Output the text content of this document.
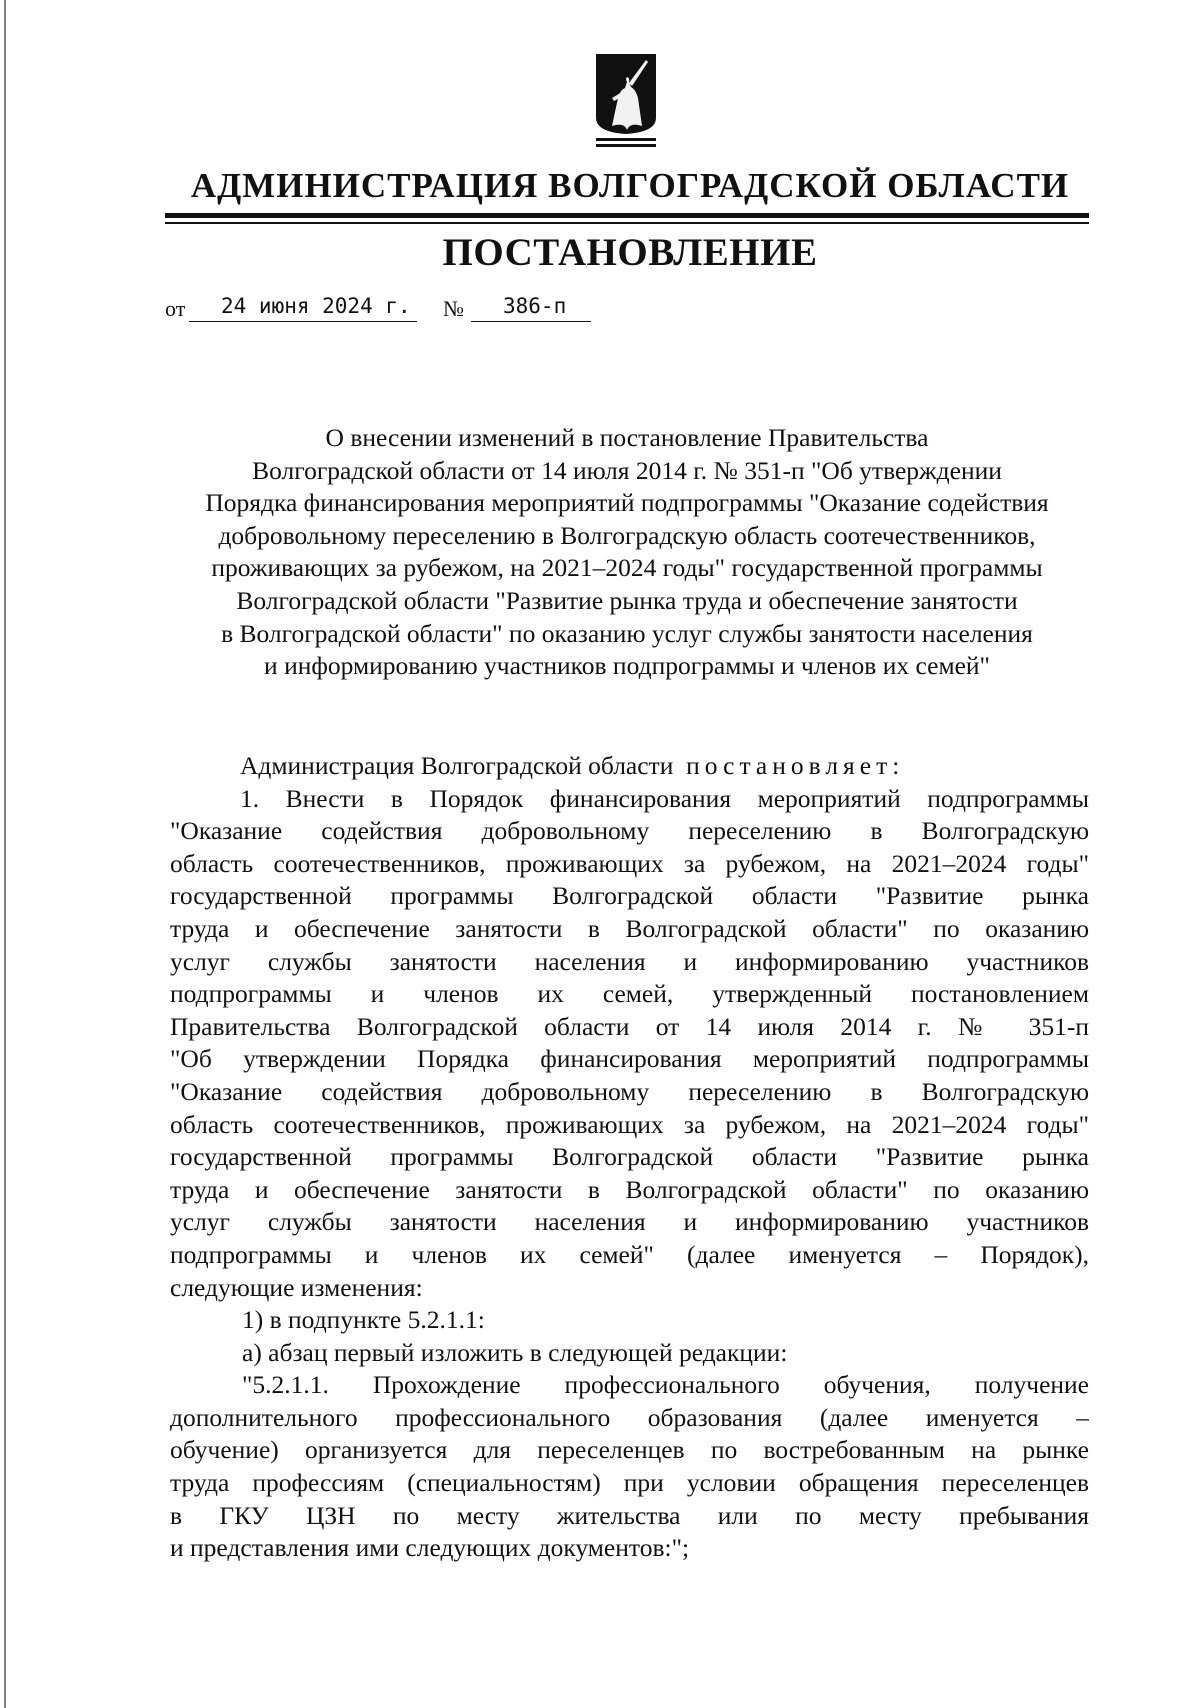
АДМИНИСТРАЦИЯ ВОЛГОГРАДСКОЙ ОБЛАСТИ
ПОСТАНОВЛЕНИЕ
от 24 июня 2024 г. № 386-п
О внесении изменений в постановление Правительства
Волгоградской области от 14 июля 2014 г. № 351-п "Об утверждении
Порядка финансирования мероприятий подпрограммы "Оказание содействия
добровольному переселению в Волгоградскую область соотечественников,
проживающих за рубежом, на 2021–2024 годы" государственной программы
Волгоградской области "Развитие рынка труда и обеспечение занятости
в Волгоградской области" по оказанию услуг службы занятости населения
и информированию участников подпрограммы и членов их семей"
Администрация Волгоградской области постановляет:
1. Внести в Порядок финансирования мероприятий подпрограммы
"Оказание содействия добровольному переселению в Волгоградскую
область соотечественников, проживающих за рубежом, на 2021–2024 годы"
государственной программы Волгоградской области "Развитие рынка
труда и обеспечение занятости в Волгоградской области" по оказанию
услуг службы занятости населения и информированию участников
подпрограммы и членов их семей, утвержденный постановлением
Правительства Волгоградской области от 14 июля 2014 г. № 351-п
"Об утверждении Порядка финансирования мероприятий подпрограммы
"Оказание содействия добровольному переселению в Волгоградскую
область соотечественников, проживающих за рубежом, на 2021–2024 годы"
государственной программы Волгоградской области "Развитие рынка
труда и обеспечение занятости в Волгоградской области" по оказанию
услуг службы занятости населения и информированию участников
подпрограммы и членов их семей" (далее именуется – Порядок),
следующие изменения:
1) в подпункте 5.2.1.1:
а) абзац первый изложить в следующей редакции:
"5.2.1.1. Прохождение профессионального обучения, получение
дополнительного профессионального образования (далее именуется –
обучение) организуется для переселенцев по востребованным на рынке
труда профессиям (специальностям) при условии обращения переселенцев
в ГКУ ЦЗН по месту жительства или по месту пребывания
и представления ими следующих документов:";
